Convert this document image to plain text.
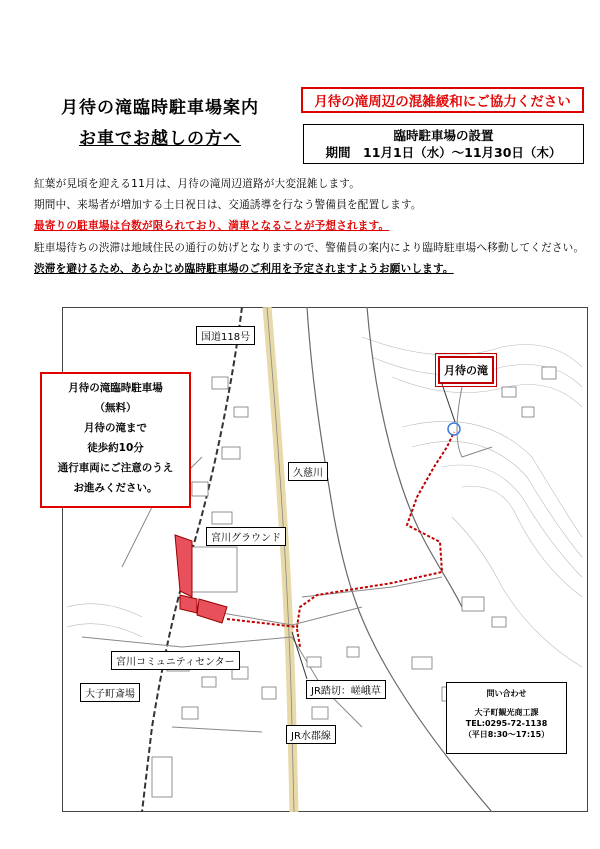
月待の滝臨時駐車場案内
お車でお越しの方へ
月待の滝周辺の混雑緩和にご協力ください
臨時駐車場の設置
期間　11月1日（水）〜11月30日（木）
紅葉が見頃を迎える11月は、月待の滝周辺道路が大変混雑します。
期間中、来場者が増加する土日祝日は、交通誘導を行なう警備員を配置します。
最寄りの駐車場は台数が限られており、満車となることが予想されます。
駐車場待ちの渋滞は地域住民の通行の妨げとなりますので、警備員の案内により臨時駐車場へ移動してください。
渋滞を避けるため、あらかじめ臨時駐車場のご利用を予定されますようお願いします。
国道118号
久慈川
宮川グラウンド
宮川コミュニティセンター
大子町斎場	JR踏切：嵯峨草
JR水郡線
月待の滝
月待の滝臨時駐車場
（無料）
月待の滝まで
徒歩約10分
通行車両にご注意のうえ
お進みください。
問い合わせ
大子町観光商工課
TEL:0295-72-1138
（平日8:30〜17:15）
